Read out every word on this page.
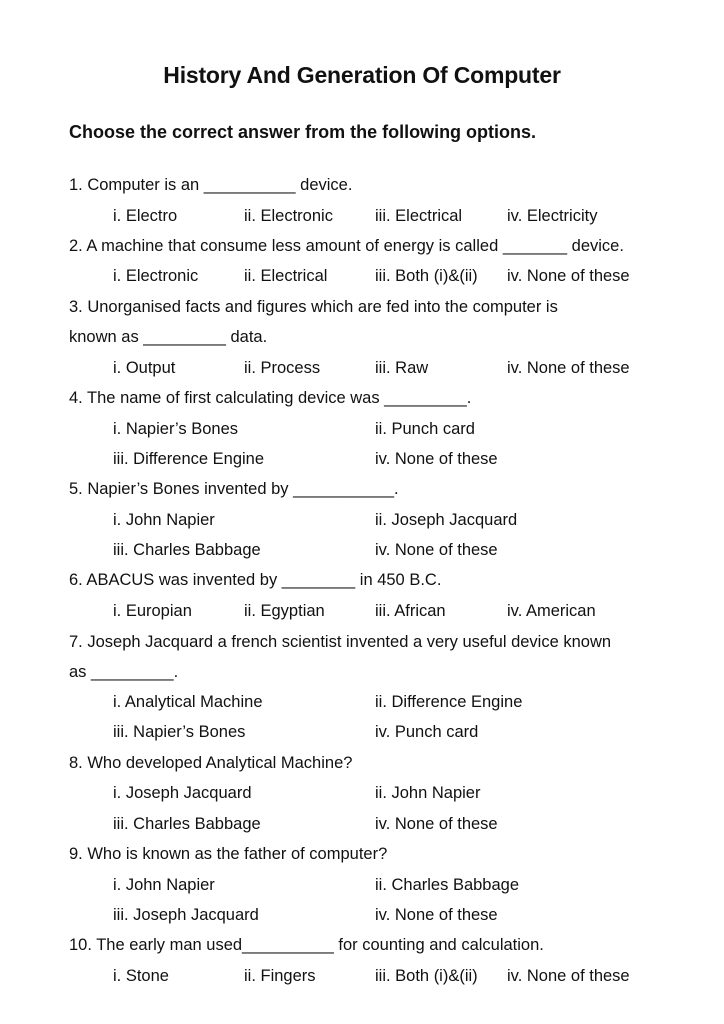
History And Generation Of Computer
Choose the correct answer from the following options.
1. Computer is an __________ device.
i. Electro	ii. Electronic	iii. Electrical	iv. Electricity
2. A machine that consume less amount of energy is called _______ device.
i. Electronic	ii. Electrical	iii. Both (i)&(ii) iv. None of these
3. Unorganised facts and figures which are fed into the computer is
known as _________ data.
i. Output	ii. Process	iii. Raw	iv. None of these
4. The name of first calculating device was _________.
i. Napier’s Bones	ii. Punch card
iii. Difference Engine	iv. None of these
5. Napier’s Bones invented by ___________.
i. John Napier	ii. Joseph Jacquard
iii. Charles Babbage	iv. None of these
6. ABACUS was invented by ________ in 450 B.C.
i. Europian	ii. Egyptian	iii. African	iv. American
7. Joseph Jacquard a french scientist invented a very useful device known
as _________.
i. Analytical Machine	ii. Difference Engine
iii. Napier’s Bones	iv. Punch card
8. Who developed Analytical Machine?
i. Joseph Jacquard	ii. John Napier
iii. Charles Babbage	iv. None of these
9. Who is known as the father of computer?
i. John Napier	ii. Charles Babbage
iii. Joseph Jacquard	iv. None of these
10. The early man used__________ for counting and calculation.
i. Stone	ii. Fingers	iii. Both (i)&(ii) iv. None of these
